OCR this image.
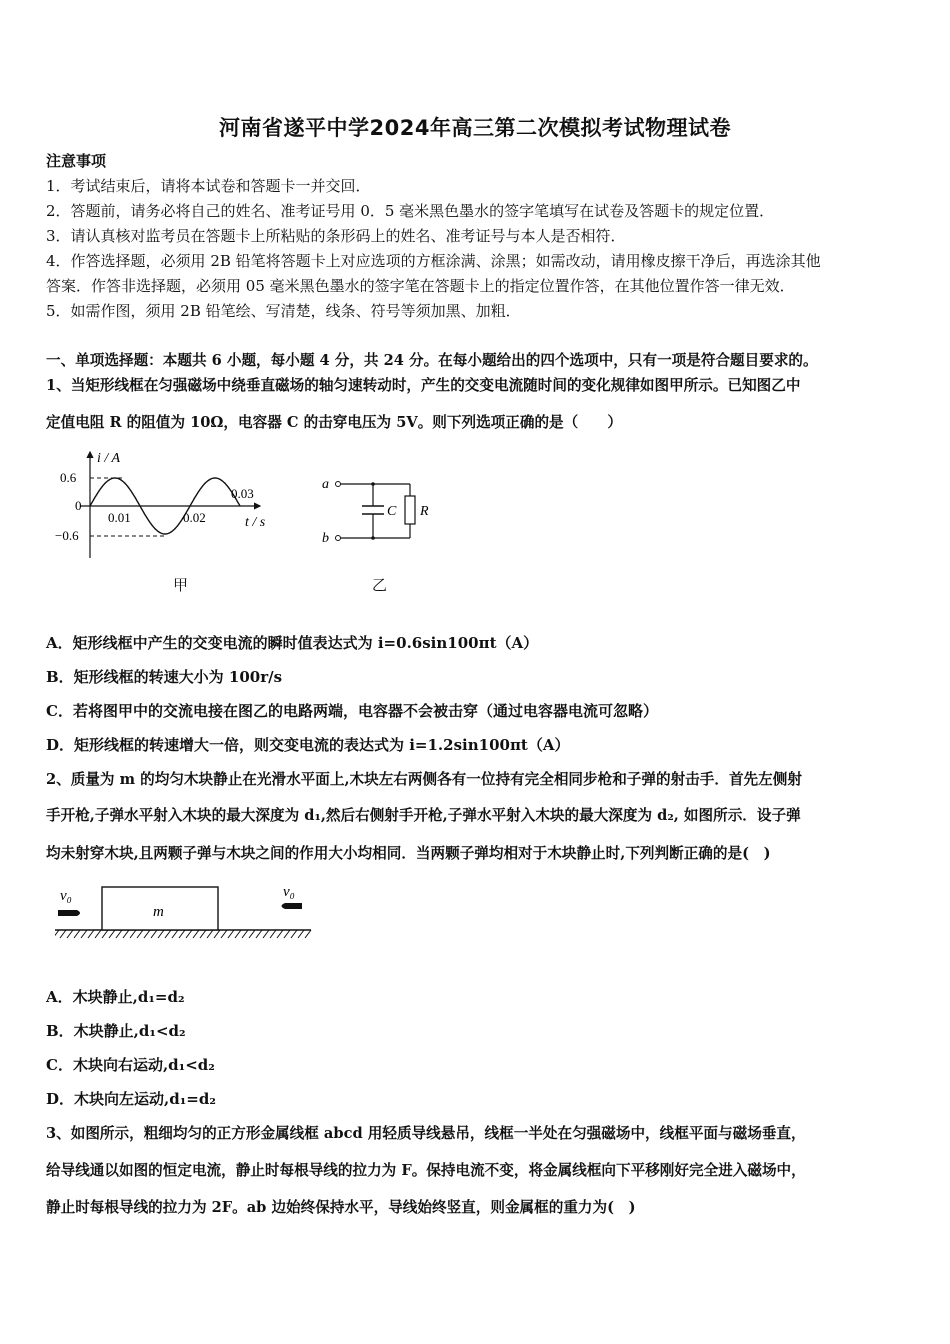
河南省遂平中学2024年高三第二次模拟考试物理试卷
注意事项
1．考试结束后，请将本试卷和答题卡一并交回．
2．答题前，请务必将自己的姓名、准考证号用 0．5 毫米黑色墨水的签字笔填写在试卷及答题卡的规定位置．
3．请认真核对监考员在答题卡上所粘贴的条形码上的姓名、准考证号与本人是否相符．
4．作答选择题，必须用 2B 铅笔将答题卡上对应选项的方框涂满、涂黑；如需改动，请用橡皮擦干净后，再选涂其他
答案．作答非选择题，必须用 05 毫米黑色墨水的签字笔在答题卡上的指定位置作答，在其他位置作答一律无效．
5．如需作图，须用 2B 铅笔绘、写清楚，线条、符号等须加黑、加粗．
一、单项选择题：本题共 6 小题，每小题 4 分，共 24 分。在每小题给出的四个选项中，只有一项是符合题目要求的。
1、当矩形线框在匀强磁场中绕垂直磁场的轴匀速转动时，产生的交变电流随时间的变化规律如图甲所示。已知图乙中
定值电阻 R 的阻值为 10Ω，电容器 C 的击穿电压为 5V。则下列选项正确的是（　　）
i / A
t / s
0.6
0
−0.6
0.01	0.02
0.03
甲
a
b
C R
乙
A．矩形线框中产生的交变电流的瞬时值表达式为 i=0.6sin100πt（A）
B．矩形线框的转速大小为 100r/s
C．若将图甲中的交流电接在图乙的电路两端，电容器不会被击穿（通过电容器电流可忽略）
D．矩形线框的转速增大一倍，则交变电流的表达式为 i=1.2sin100πt（A）
2、质量为 m 的均匀木块静止在光滑水平面上,木块左右两侧各有一位持有完全相同步枪和子弹的射击手．首先左侧射
手开枪,子弹水平射入木块的最大深度为 d₁,然后右侧射手开枪,子弹水平射入木块的最大深度为 d₂, 如图所示．设子弹
均未射穿木块,且两颗子弹与木块之间的作用大小均相同．当两颗子弹均相对于木块静止时,下列判断正确的是(　)
m
v₀	v₀
A．木块静止,d₁=d₂
B．木块静止,d₁<d₂
C．木块向右运动,d₁<d₂
D．木块向左运动,d₁=d₂
3、如图所示，粗细均匀的正方形金属线框 abcd 用轻质导线悬吊，线框一半处在匀强磁场中，线框平面与磁场垂直，
给导线通以如图的恒定电流，静止时每根导线的拉力为 F。保持电流不变，将金属线框向下平移刚好完全进入磁场中，
静止时每根导线的拉力为 2F。ab 边始终保持水平，导线始终竖直，则金属框的重力为(　)
